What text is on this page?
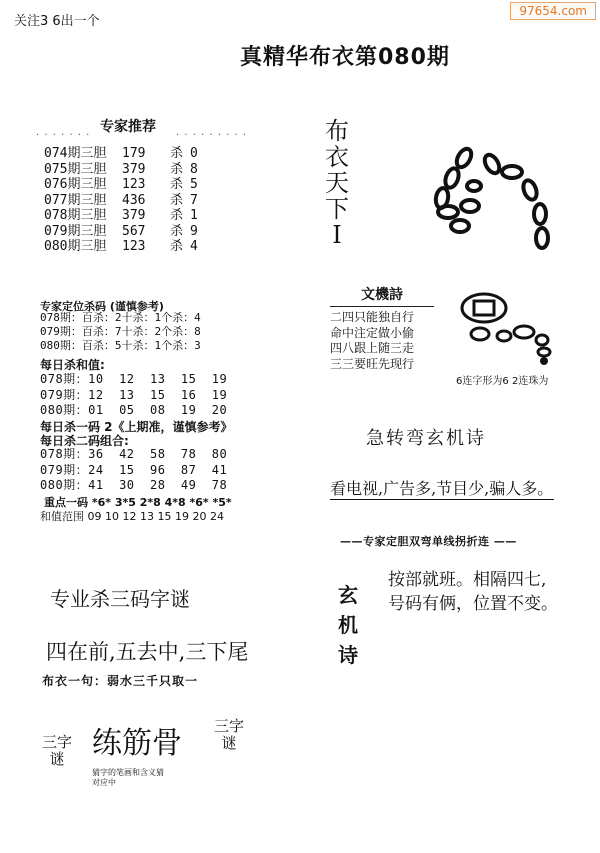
关注3 6出一个
97654.com
真精华布衣第080期
. . . . . . . 专家推荐 . . . . . . . . .
074期三胆 179 杀 0
075期三胆 379 杀 8
076期三胆 123 杀 5
077期三胆 436 杀 7
078期三胆 379 杀 1
079期三胆 567 杀 9
080期三胆 123 杀 4
专家定位杀码 (谨慎参考)
078期：百杀：2十杀：1个杀：4
079期：百杀：7十杀：2个杀：8
080期：百杀：5十杀：1个杀：3
每日杀和值:
078期：10  12  13  15  19
079期：12  13  15  16  19
080期：01  05  08  19  20
每日杀一码 2《上期准，谨慎参考》
每日杀二码组合:
078期：36  42  58  78  80
079期：24  15  96  87  41
080期：41  30  28  49  78
重点一码 *6* 3*5 2*8 4*8 *6* *5*
和值范围 09 10 12 13 15 19 20 24
专业杀三码字谜
四在前,五去中,三下尾
布衣一句：弱水三千只取一
三字谜 练筋骨
猜字的笔画和含义猜
对应中
三字谜
布衣天下I
文機詩
二四只能独自行
命中注定做小偷
四八跟上随三走
三三要旺先现行
6连字形为6 2连珠为
急转弯玄机诗
看电视,广告多,节目少,骗人多。
——专家定胆双弯单线拐折连 ——
玄机诗
按部就班。相隔四七,
号码有俩，位置不变。
